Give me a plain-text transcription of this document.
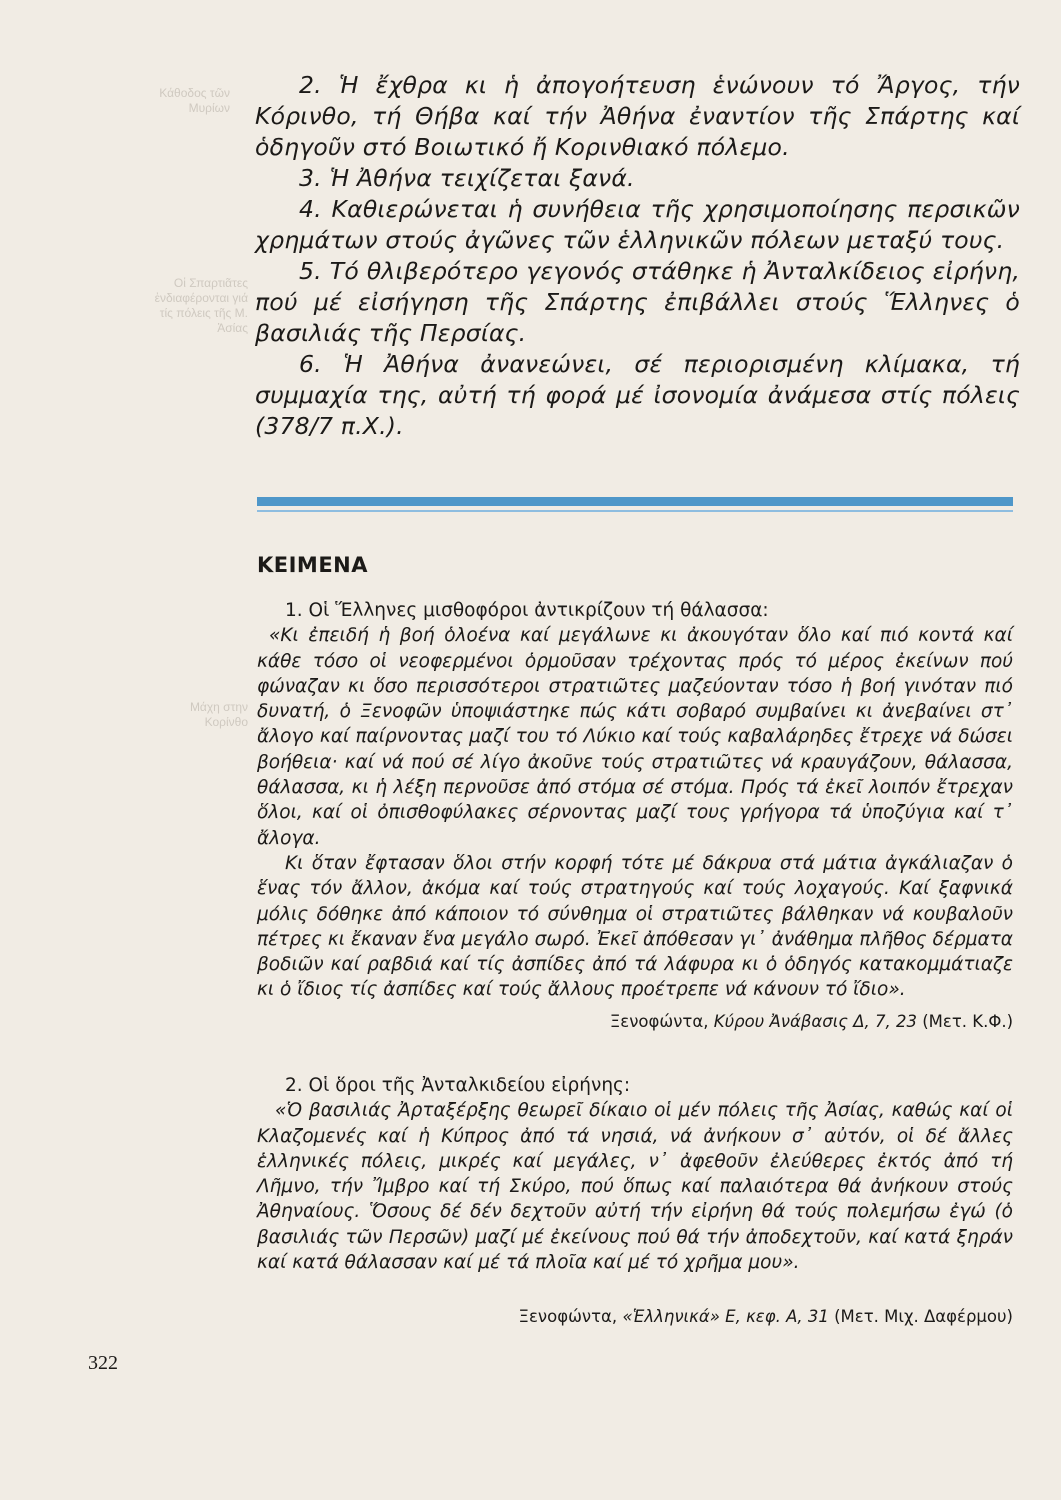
Κάθοδος τῶν
Μυρίων
Οἱ Σπαρτιᾶτες
ἐνδιαφέρονται γιά
τίς πόλεις τῆς Μ.
Ἀσίας
Μάχη στην
Κορίνθο

2. Ἡ ἔχθρα κι ἡ ἀπογοήτευση ἑνώνουν τό Ἄργος, τήν Κόρινθο, τή Θήβα καί τήν Ἀθήνα ἐναντίον τῆς Σπάρτης καί ὁδηγοῦν στό Βοιωτικό ἤ Κορινθιακό πόλεμο.

3. Ἡ Ἀθήνα τειχίζεται ξανά.

4. Καθιερώνεται ἡ συνήθεια τῆς χρησιμοποίησης περσικῶν χρημάτων στούς ἀγῶνες τῶν ἑλληνικῶν πόλεων μεταξύ τους.

5. Τό θλιβερότερο γεγονός στάθηκε ἡ Ἀνταλκίδειος εἰρήνη, πού μέ εἰσήγηση τῆς Σπάρτης ἐπιβάλλει στούς Ἕλληνες ὁ βασιλιάς τῆς Περσίας.

6. Ἡ Ἀθήνα ἀνανεώνει, σέ περιορισμένη κλίμακα, τή συμμαχία της, αὐτή τή φορά μέ ἰσονομία ἀνάμεσα στίς πόλεις (378/7 π.Χ.).

ΚΕΙΜΕΝΑ

1. Οἱ Ἕλληνες μισθοφόροι ἀντικρίζουν τή θάλασσα:

«Κι ἐπειδή ἡ βοή ὁλοένα καί μεγάλωνε κι ἀκουγόταν ὅλο καί πιό κοντά καί κάθε τόσο οἱ νεοφερμένοι ὁρμοῦσαν τρέχοντας πρός τό μέρος ἐκείνων πού φώναζαν κι ὅσο περισσότεροι στρατιῶτες μαζεύονταν τόσο ἡ βοή γινόταν πιό δυνατή, ὁ Ξενοφῶν ὑποψιάστηκε πώς κάτι σοβαρό συμβαίνει κι ἀνεβαίνει στ᾿ ἄλογο καί παίρνοντας μαζί του τό Λύκιο καί τούς καβαλάρηδες ἔτρεχε νά δώσει βοήθεια· καί νά πού σέ λίγο ἀκοῦνε τούς στρατιῶτες νά κραυγάζουν, θάλασσα, θάλασσα, κι ἡ λέξη περνοῦσε ἀπό στόμα σέ στόμα. Πρός τά ἐκεῖ λοιπόν ἔτρεχαν ὅλοι, καί οἱ ὀπισθοφύλακες σέρνοντας μαζί τους γρήγορα τά ὑποζύγια καί τ᾿ ἄλογα.

Κι ὅταν ἔφτασαν ὅλοι στήν κορφή τότε μέ δάκρυα στά μάτια ἀγκάλιαζαν ὁ ἕνας τόν ἄλλον, ἀκόμα καί τούς στρατηγούς καί τούς λοχαγούς. Καί ξαφνικά μόλις δόθηκε ἀπό κάποιον τό σύνθημα οἱ στρατιῶτες βάλθηκαν νά κουβαλοῦν πέτρες κι ἔκαναν ἕνα μεγάλο σωρό. Ἐκεῖ ἀπόθεσαν γι᾿ ἀνάθημα πλῆθος δέρματα βοδιῶν καί ραβδιά καί τίς ἀσπίδες ἀπό τά λάφυρα κι ὁ ὁδηγός κατακομμάτιαζε κι ὁ ἴδιος τίς ἀσπίδες καί τούς ἄλλους προέτρεπε νά κάνουν τό ἴδιο».

Ξενοφώντα, Κύρου Ἀνάβασις Δ, 7, 23 (Μετ. Κ.Φ.)

2. Οἱ ὅροι τῆς Ἀνταλκιδείου εἰρήνης:

«Ὁ βασιλιάς Ἀρταξέρξης θεωρεῖ δίκαιο οἱ μέν πόλεις τῆς Ἀσίας, καθώς καί οἱ Κλαζομενές καί ἡ Κύπρος ἀπό τά νησιά, νά ἀνήκουν σ᾿ αὐτόν, οἱ δέ ἄλλες ἑλληνικές πόλεις, μικρές καί μεγάλες, ν᾿ ἀφεθοῦν ἐλεύθερες ἐκτός ἀπό τή Λῆμνο, τήν Ἴμβρο καί τή Σκύρο, πού ὅπως καί παλαιότερα θά ἀνήκουν στούς Ἀθηναίους. Ὅσους δέ δέν δεχτοῦν αὐτή τήν εἰρήνη θά τούς πολεμήσω ἐγώ (ὁ βασιλιάς τῶν Περσῶν) μαζί μέ ἐκείνους πού θά τήν ἀποδεχτοῦν, καί κατά ξηράν καί κατά θάλασσαν καί μέ τά πλοῖα καί μέ τό χρῆμα μου».

Ξενοφώντα, «Ἑλληνικά» Ε, κεφ. Α, 31 (Μετ. Μιχ. Δαφέρμου)
322
